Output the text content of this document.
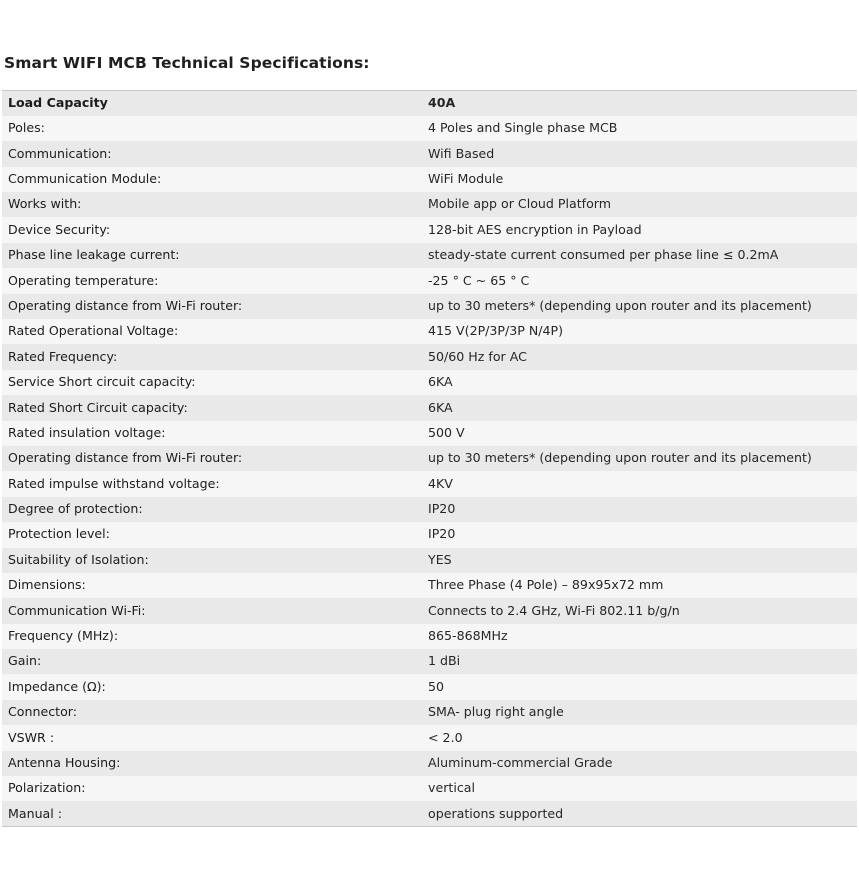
Smart WIFI MCB Technical Specifications:
Load Capacity	40A
Poles:	4 Poles and Single phase MCB
Communication:	Wifi Based
Communication Module:	WiFi Module
Works with:	Mobile app or Cloud Platform
Device Security:	128-bit AES encryption in Payload
Phase line leakage current:	steady-state current consumed per phase line ≤ 0.2mA
Operating temperature:	-25 ° C ~ 65 ° C
Operating distance from Wi-Fi router:	up to 30 meters* (depending upon router and its placement)
Rated Operational Voltage:	415 V(2P/3P/3P N/4P)
Rated Frequency:	50/60 Hz for AC
Service Short circuit capacity:	6KA
Rated Short Circuit capacity:	6KA
Rated insulation voltage:	500 V
Operating distance from Wi-Fi router:	up to 30 meters* (depending upon router and its placement)
Rated impulse withstand voltage:	4KV
Degree of protection:	IP20
Protection level:	IP20
Suitability of Isolation:	YES
Dimensions:	Three Phase (4 Pole) – 89x95x72 mm
Communication Wi-Fi:	Connects to 2.4 GHz, Wi-Fi 802.11 b/g/n
Frequency (MHz):	865-868MHz
Gain:	1 dBi
Impedance (Ω):	50
Connector:	SMA- plug right angle
VSWR :	< 2.0
Antenna Housing:	Aluminum-commercial Grade
Polarization:	vertical
Manual :	operations supported
